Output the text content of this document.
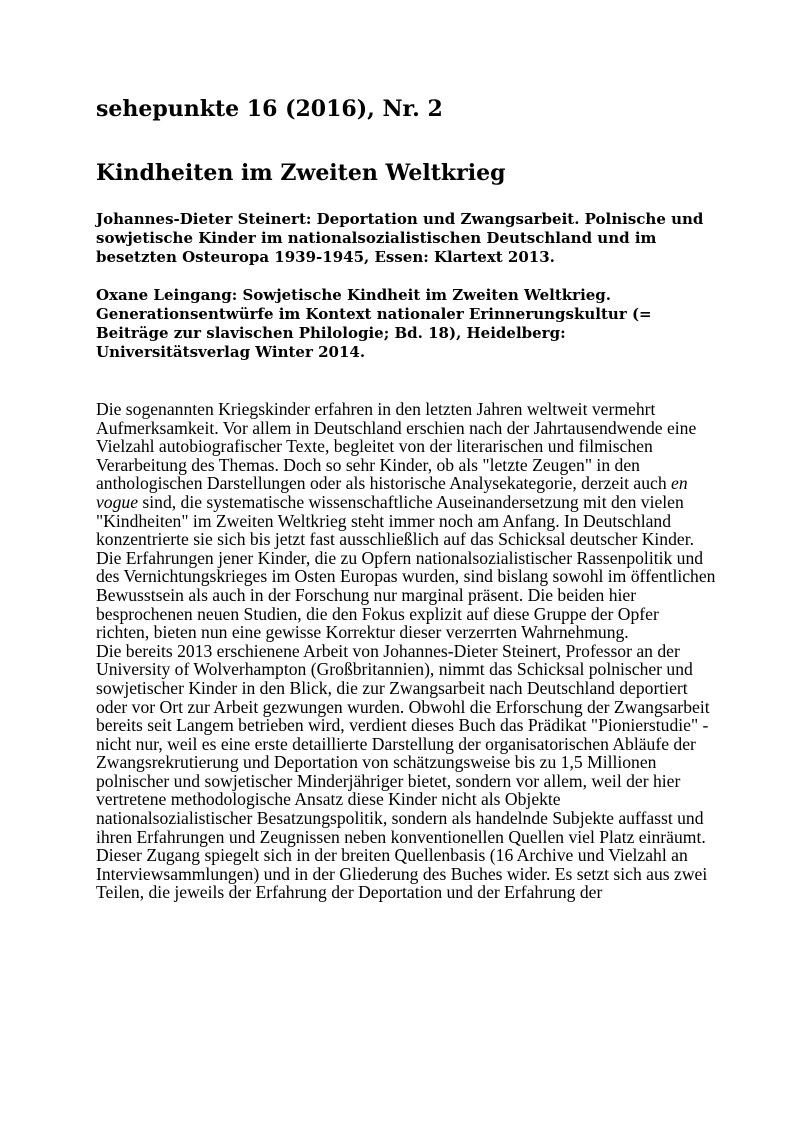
sehepunkte 16 (2016), Nr. 2
Kindheiten im Zweiten Weltkrieg

Johannes-Dieter Steinert: Deportation und Zwangsarbeit. Polnische und sowjetische Kinder im nationalsozialistischen Deutschland und im besetzten Osteuropa 1939-1945, Essen: Klartext 2013.

Oxane Leingang: Sowjetische Kindheit im Zweiten Weltkrieg. Generationsentwürfe im Kontext nationaler Erinnerungskultur (= Beiträge zur slavischen Philologie; Bd. 18), Heidelberg: Universitätsverlag Winter 2014.

Die sogenannten Kriegskinder erfahren in den letzten Jahren weltweit vermehrt Aufmerksamkeit. Vor allem in Deutschland erschien nach der Jahrtausendwende eine Vielzahl autobiografischer Texte, begleitet von der literarischen und filmischen Verarbeitung des Themas. Doch so sehr Kinder, ob als "letzte Zeugen" in den anthologischen Darstellungen oder als historische Analysekategorie, derzeit auch en vogue sind, die systematische wissenschaftliche Auseinandersetzung mit den vielen "Kindheiten" im Zweiten Weltkrieg steht immer noch am Anfang. In Deutschland konzentrierte sie sich bis jetzt fast ausschließlich auf das Schicksal deutscher Kinder. Die Erfahrungen jener Kinder, die zu Opfern nationalsozialistischer Rassenpolitik und des Vernichtungskrieges im Osten Europas wurden, sind bislang sowohl im öffentlichen Bewusstsein als auch in der Forschung nur marginal präsent. Die beiden hier besprochenen neuen Studien, die den Fokus explizit auf diese Gruppe der Opfer richten, bieten nun eine gewisse Korrektur dieser verzerrten Wahrnehmung.

Die bereits 2013 erschienene Arbeit von Johannes-Dieter Steinert, Professor an der University of Wolverhampton (Großbritannien), nimmt das Schicksal polnischer und sowjetischer Kinder in den Blick, die zur Zwangsarbeit nach Deutschland deportiert oder vor Ort zur Arbeit gezwungen wurden. Obwohl die Erforschung der Zwangsarbeit bereits seit Langem betrieben wird, verdient dieses Buch das Prädikat "Pionierstudie" - nicht nur, weil es eine erste detaillierte Darstellung der organisatorischen Abläufe der Zwangsrekrutierung und Deportation von schätzungsweise bis zu 1,5 Millionen polnischer und sowjetischer Minderjähriger bietet, sondern vor allem, weil der hier vertretene methodologische Ansatz diese Kinder nicht als Objekte nationalsozialistischer Besatzungspolitik, sondern als handelnde Subjekte auffasst und ihren Erfahrungen und Zeugnissen neben konventionellen Quellen viel Platz einräumt. Dieser Zugang spiegelt sich in der breiten Quellenbasis (16 Archive und Vielzahl an Interviewsammlungen) und in der Gliederung des Buches wider. Es setzt sich aus zwei Teilen, die jeweils der Erfahrung der Deportation und der Erfahrung der
